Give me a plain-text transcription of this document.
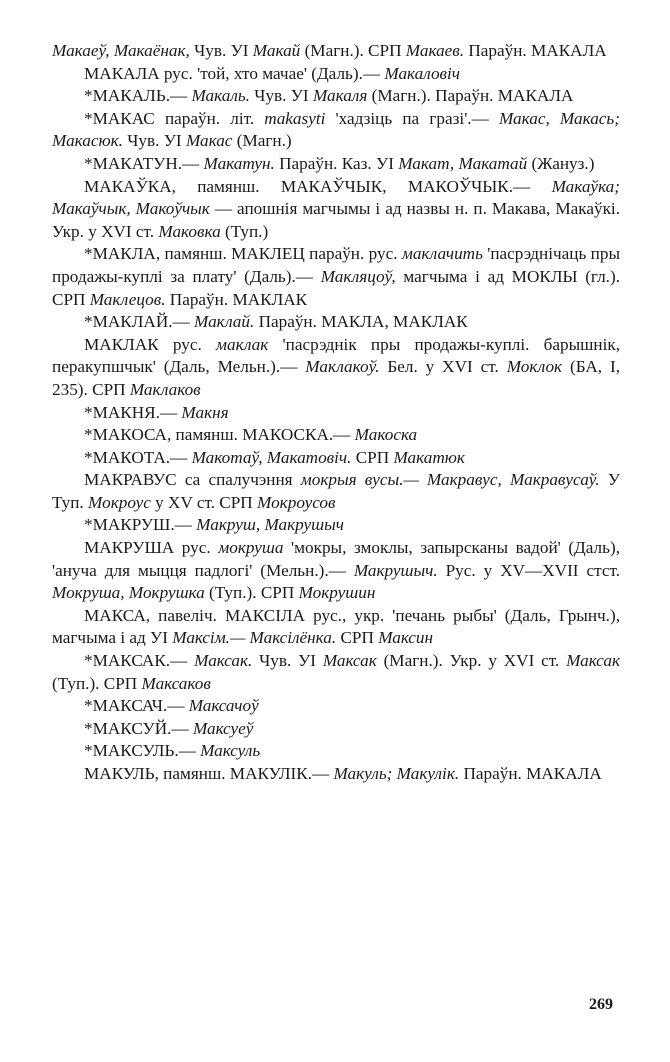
Макаеў, Макаёнак, Чув. УІ Макай (Магн.). СРП Макаев. Параўн. МАКАЛА

МАКАЛА рус. 'той, хто мачае' (Даль).— Макаловіч

*МАКАЛЬ.— Макаль. Чув. УІ Макаля (Магн.). Параўн. МАКАЛА

*МАКАС параўн. літ. makasyti 'хадзіць па гразі'.— Макас, Макась; Макасюк. Чув. УІ Макас (Магн.)

*МАКАТУН.— Макатун. Параўн. Каз. УІ Макат, Макатай (Жануз.)

МАКАЎКА, памянш. МАКАЎЧЫК, МАКОЎЧЫК.— Макаўка; Макаўчык, Макоўчык — апошнія магчымы і ад назвы н. п. Макава, Макаўкі. Укр. у XVI ст. Маковка (Туп.)

*МАКЛА, памянш. МАКЛЕЦ параўн. рус. маклачить 'пасрэднічаць пры продажы-куплі за плату' (Даль).— Макляцоў, магчыма і ад МОКЛЫ (гл.). СРП Маклецов. Параўн. МАКЛАК

*МАКЛАЙ.— Маклай. Параўн. МАКЛА, МАКЛАК

МАКЛАК рус. маклак 'пасрэднік пры продажы-куплі. барышнік, перакупшчык' (Даль, Мельн.).— Маклакоў. Бел. у XVI ст. Моклок (БА, I, 235). СРП Маклаков

*МАКНЯ.— Макня

*МАКОСА, памянш. МАКОСКА.— Макоска

*МАКОТА.— Макотаў, Макатовіч. СРП Макатюк

МАКРАВУС са спалучэння мокрыя вусы.— Макравус, Макравусаў. У Туп. Мокроус у XV ст. СРП Мокроусов

*МАКРУШ.— Макруш, Макрушыч

МАКРУША рус. мокруша 'мокры, змоклы, запырсканы вадой' (Даль), 'анучa для мыцця падлогі' (Мельн.).— Макрушыч. Рус. у XV—XVII стст. Мокруша, Мокрушка (Туп.). СРП Мокрушин

МАКСА, павеліч. МАКСІЛА рус., укр. 'печань рыбы' (Даль, Грынч.), магчыма і ад УІ Максім.— Максілёнка. СРП Максин

*МАКСАК.— Максак. Чув. УІ Максак (Магн.). Укр. у XVI ст. Максак (Туп.). СРП Максаков

*МАКСАЧ.— Максачоў

*МАКСУЙ.— Максуеў

*МАКСУЛЬ.— Максуль

МАКУЛЬ, памянш. МАКУЛІК.— Макуль; Макулік. Параўн. МАКАЛА

269
